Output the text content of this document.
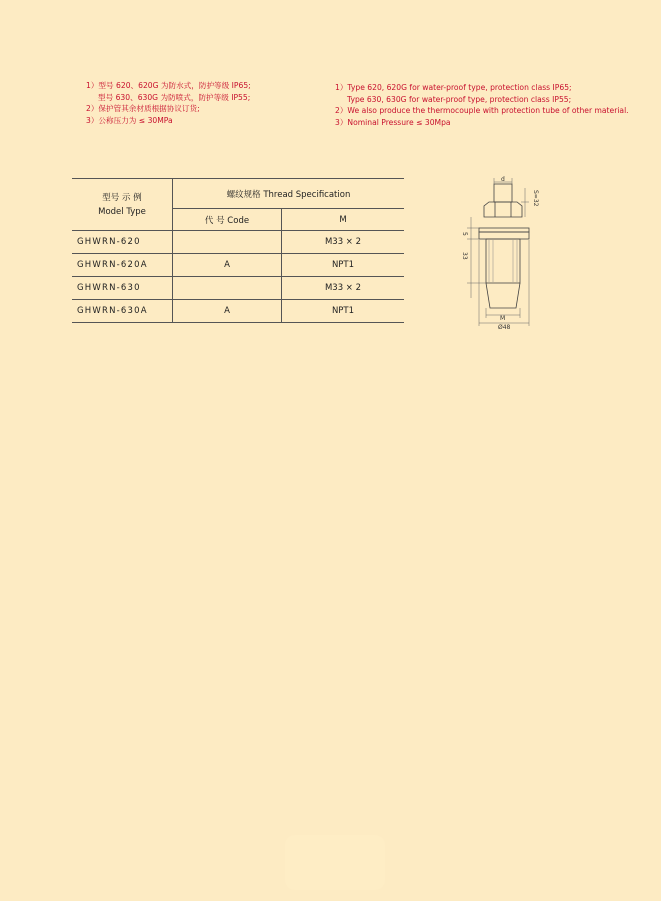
1）型号 620、620G 为防水式，防护等级 IP65;
型号 630、630G 为防喷式，防护等级 IP55;
2）保护管其余材质根据协议订货;
3）公称压力为 ≤ 30MPa
1）Type 620, 620G for water-proof type, protection class IP65;
Type 630, 630G for water-proof type, protection class IP55;
2）We also produce the thermocouple with protection tube of other material.
3）Nominal Pressure ≤ 30Mpa
型号 示 例
Model Type	螺纹规格 Thread Specification	
	代 号 Code	M
GHWRN-620		M33 × 2
GHWRN-620A	A	NPT1
GHWRN-630		M33 × 2
GHWRN-630A	A	NPT1
d
S=32
5
33
M
Ø48
